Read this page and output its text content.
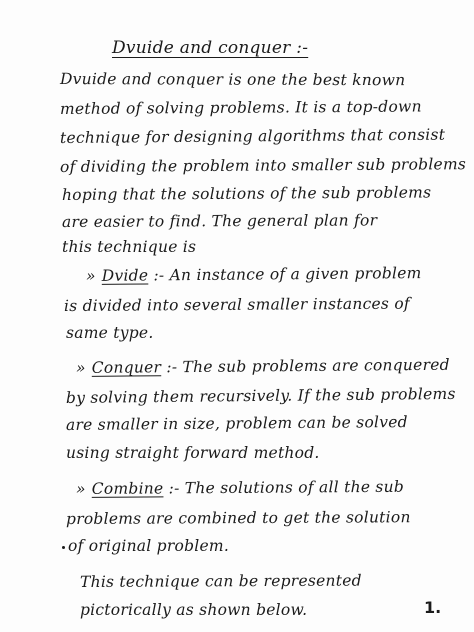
Dvuide and conquer :-
Dvuide and conquer is one the best known
method of solving problems. It is a top-down
technique for designing algorithms that consist
of dividing the problem into smaller sub problems
hoping that the solutions of the sub problems
are easier to find. The general plan for
this technique is
» Dvide :- An instance of a given problem
is divided into several smaller instances of
same type.
» Conquer :- The sub problems are conquered
by solving them recursively. If the sub problems
are smaller in size, problem can be solved
using straight forward method.
» Combine :- The solutions of all the sub
problems are combined to get the solution
of original problem.
This technique can be represented
pictorically as shown below.	1.
